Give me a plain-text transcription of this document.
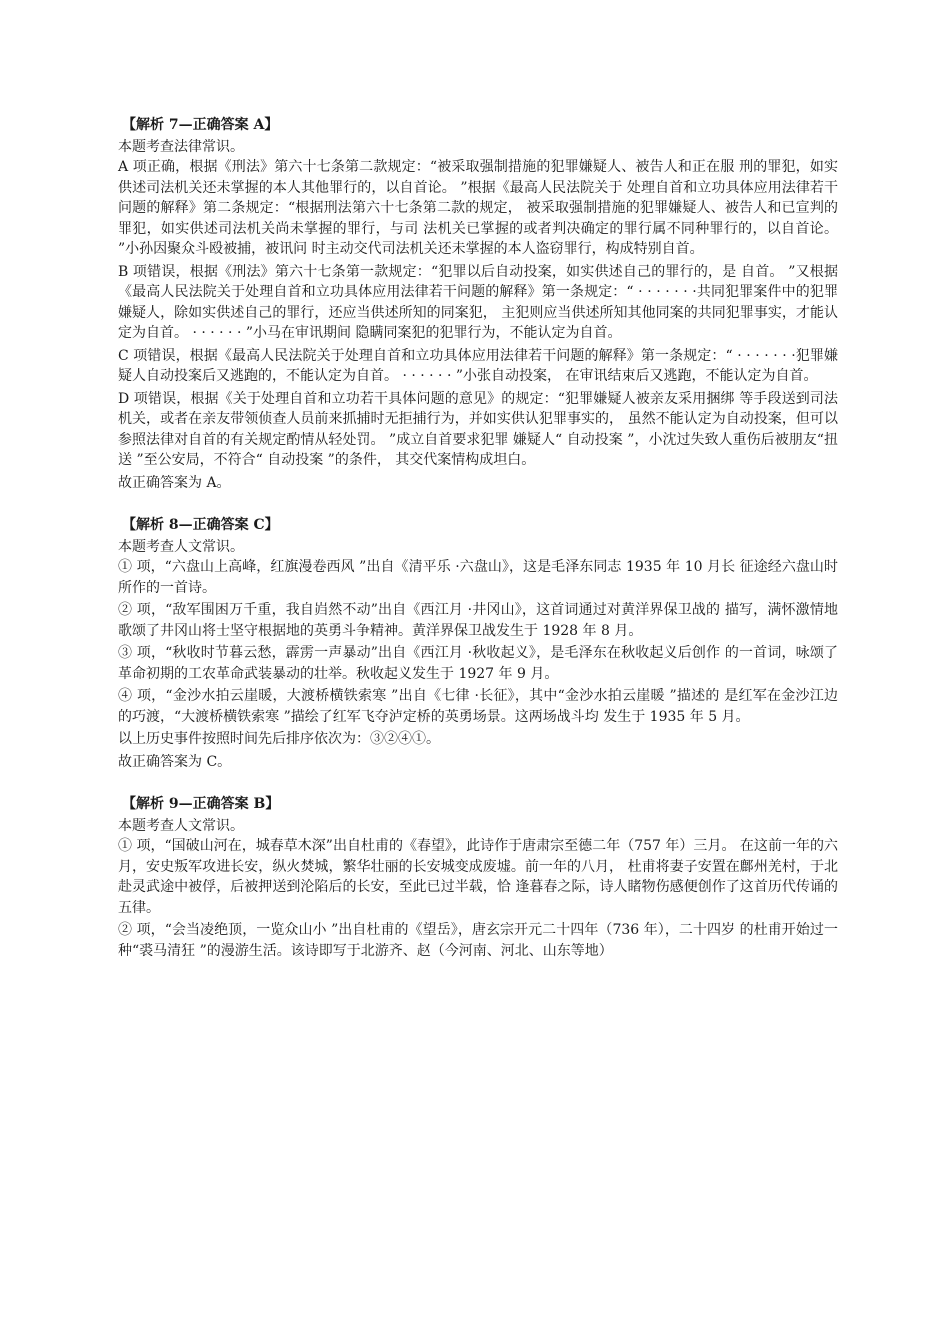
【解析 7—正确答案 A】

本题考查法律常识。

A 项正确，根据《刑法》第六十七条第二款规定：“被采取强制措施的犯罪嫌疑人、被告人和正在服 刑的罪犯，如实供述司法机关还未掌握的本人其他罪行的，以自首论。 ”根据《最高人民法院关于 处理自首和立功具体应用法律若干问题的解释》第二条规定：“根据刑法第六十七条第二款的规定， 被采取强制措施的犯罪嫌疑人、被告人和已宣判的罪犯，如实供述司法机关尚未掌握的罪行，与司 法机关已掌握的或者判决确定的罪行属不同种罪行的，以自首论。 ”小孙因聚众斗殴被捕，被讯问 时主动交代司法机关还未掌握的本人盗窃罪行，构成特别自首。

B 项错误，根据《刑法》第六十七条第一款规定：“犯罪以后自动投案，如实供述自己的罪行的，是 自首。 ”又根据《最高人民法院关于处理自首和立功具体应用法律若干问题的解释》第一条规定：“ · · · · · · ·共同犯罪案件中的犯罪嫌疑人，除如实供述自己的罪行，还应当供述所知的同案犯， 主犯则应当供述所知其他同案的共同犯罪事实，才能认定为自首。 · · · · · · ”小马在审讯期间 隐瞒同案犯的犯罪行为，不能认定为自首。

C 项错误，根据《最高人民法院关于处理自首和立功具体应用法律若干问题的解释》第一条规定：“ · · · · · · ·犯罪嫌疑人自动投案后又逃跑的，不能认定为自首。 · · · · · · ”小张自动投案， 在审讯结束后又逃跑，不能认定为自首。

D 项错误，根据《关于处理自首和立功若干具体问题的意见》的规定：“犯罪嫌疑人被亲友采用捆绑 等手段送到司法机关，或者在亲友带领侦查人员前来抓捕时无拒捕行为，并如实供认犯罪事实的， 虽然不能认定为自动投案，但可以参照法律对自首的有关规定酌情从轻处罚。 ”成立自首要求犯罪 嫌疑人“ 自动投案 ”，小沈过失致人重伤后被朋友“扭送 ”至公安局，不符合“ 自动投案 ”的条件， 其交代案情构成坦白。

故正确答案为 A。

【解析 8—正确答案 C】

本题考查人文常识。

① 项，“六盘山上高峰，红旗漫卷西风 ”出自《清平乐 ·六盘山》，这是毛泽东同志 1935 年 10 月长 征途经六盘山时所作的一首诗。

② 项，“敌军围困万千重，我自岿然不动”出自《西江月 ·井冈山》，这首词通过对黄洋界保卫战的 描写，满怀激情地歌颂了井冈山将士坚守根据地的英勇斗争精神。黄洋界保卫战发生于 1928 年 8 月。

③ 项，“秋收时节暮云愁，霹雳一声暴动”出自《西江月 ·秋收起义》，是毛泽东在秋收起义后创作 的一首词，咏颂了革命初期的工农革命武装暴动的壮举。秋收起义发生于 1927 年 9 月。

④ 项，“金沙水拍云崖暖，大渡桥横铁索寒 ”出自《七律 ·长征》，其中“金沙水拍云崖暖 ”描述的 是红军在金沙江边的巧渡，“大渡桥横铁索寒 ”描绘了红军飞夺泸定桥的英勇场景。这两场战斗均 发生于 1935 年 5 月。

以上历史事件按照时间先后排序依次为：③②④①。

故正确答案为 C。

【解析 9—正确答案 B】

本题考查人文常识。

① 项，“国破山河在，城春草木深”出自杜甫的《春望》，此诗作于唐肃宗至德二年（757 年）三月。 在这前一年的六月，安史叛军攻进长安，纵火焚城，繁华壮丽的长安城变成废墟。前一年的八月， 杜甫将妻子安置在鄜州羌村，于北赴灵武途中被俘，后被押送到沦陷后的长安，至此已过半载，恰 逢暮春之际，诗人睹物伤感便创作了这首历代传诵的五律。

② 项，“会当凌绝顶，一览众山小 ”出自杜甫的《望岳》，唐玄宗开元二十四年（736 年），二十四岁 的杜甫开始过一种“裘马清狂 ”的漫游生活。该诗即写于北游齐、赵（今河南、河北、山东等地）
